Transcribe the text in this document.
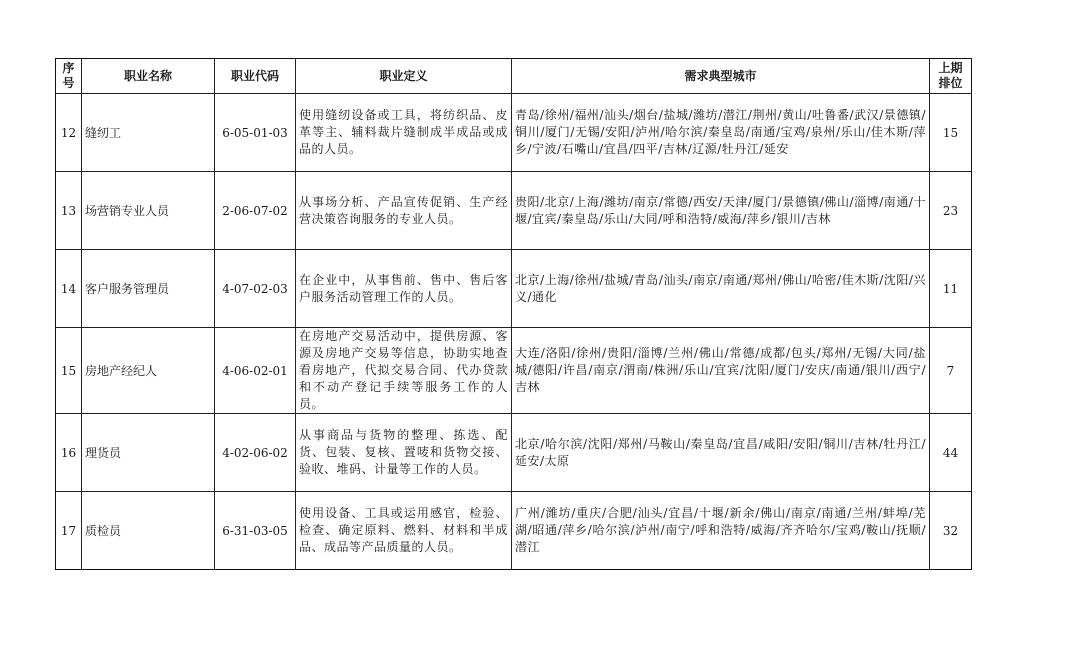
序号	职业名称	职业代码	职业定义	需求典型城市	上期排位
12	缝纫工	6-05-01-03	使用缝纫设备或工具，将纺织品、皮革等主、辅料裁片缝制成半成品或成品的人员。	青岛/徐州/福州/汕头/烟台/盐城/潍坊/潜江/荆州/黄山/吐鲁番/武汉/景德镇/铜川/厦门/无锡/安阳/泸州/哈尔滨/秦皇岛/南通/宝鸡/泉州/乐山/佳木斯/萍乡/宁波/石嘴山/宜昌/四平/吉林/辽源/牡丹江/延安	15
13	场营销专业人员	2-06-07-02	从事场分析、产品宣传促销、生产经营决策咨询服务的专业人员。	贵阳/北京/上海/潍坊/南京/常德/西安/天津/厦门/景德镇/佛山/淄博/南通/十堰/宜宾/秦皇岛/乐山/大同/呼和浩特/威海/萍乡/银川/吉林	23
14	客户服务管理员	4-07-02-03	在企业中，从事售前、售中、售后客户服务活动管理工作的人员。	北京/上海/徐州/盐城/青岛/汕头/南京/南通/郑州/佛山/哈密/佳木斯/沈阳/兴义/通化	11
15	房地产经纪人	4-06-02-01	在房地产交易活动中，提供房源、客源及房地产交易等信息，协助实地查看房地产，代拟交易合同、代办贷款和不动产登记手续等服务工作的人员。	大连/洛阳/徐州/贵阳/淄博/兰州/佛山/常德/成都/包头/郑州/无锡/大同/盐城/德阳/许昌/南京/渭南/株洲/乐山/宜宾/沈阳/厦门/安庆/南通/银川/西宁/吉林	7
16	理货员	4-02-06-02	从事商品与货物的整理、拣选、配货、包装、复核、置唛和货物交接、验收、堆码、计量等工作的人员。	北京/哈尔滨/沈阳/郑州/马鞍山/秦皇岛/宜昌/咸阳/安阳/铜川/吉林/牡丹江/延安/太原	44
17	质检员	6-31-03-05	使用设备、工具或运用感官，检验、检查、确定原料、燃料、材料和半成品、成品等产品质量的人员。	广州/潍坊/重庆/合肥/汕头/宜昌/十堰/新余/佛山/南京/南通/兰州/蚌埠/芜湖/昭通/萍乡/哈尔滨/泸州/南宁/呼和浩特/威海/齐齐哈尔/宝鸡/鞍山/抚顺/潜江	32
